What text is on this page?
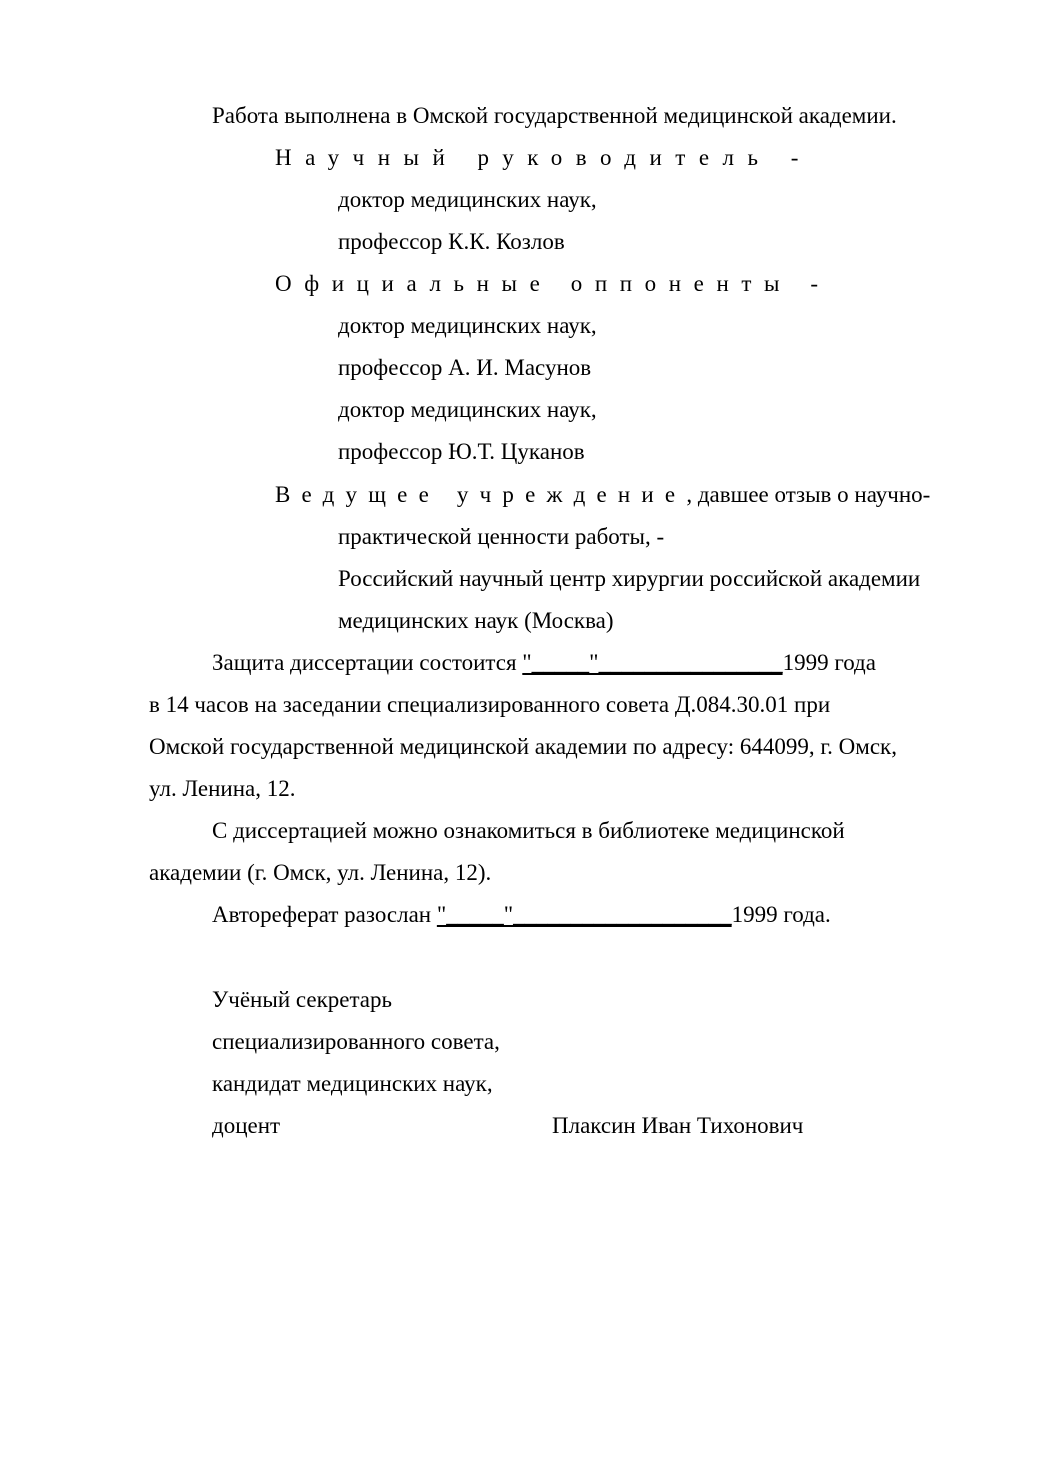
Работа выполнена в Омской государственной медицинской академии.
Научный руководитель -
доктор медицинских наук,
профессор К.К. Козлов
Официальные оппоненты -
доктор медицинских наук,
профессор А. И. Масунов
доктор медицинских наук,
профессор Ю.Т. Цуканов
Ведущее учреждение, давшее отзыв о научно-
практической ценности работы, -
Российский научный центр хирургии российской академии
медицинских наук (Москва)
Защита диссертации состоится "_____"________________1999 года
в 14 часов на заседании специализированного совета Д.084.30.01 при
Омской государственной медицинской академии по адресу: 644099, г. Омск,
ул. Ленина, 12.
С диссертацией можно ознакомиться в библиотеке медицинской
академии (г. Омск, ул. Ленина, 12).
Автореферат разослан "_____"___________________1999 года.
Учёный секретарь
специализированного совета,
кандидат медицинских наук,
доцент	Плаксин Иван Тихонович
